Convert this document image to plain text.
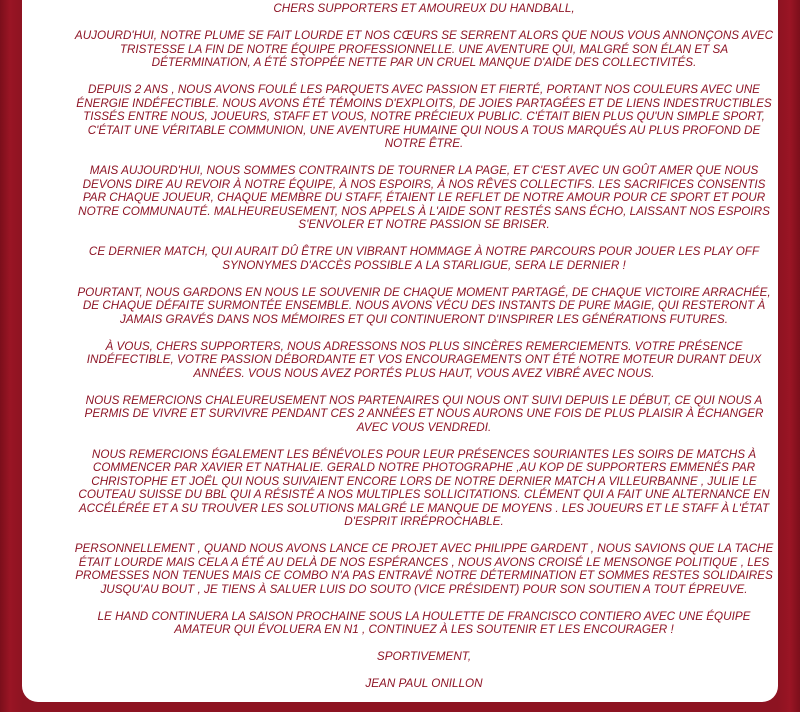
CHERS SUPPORTERS ET AMOUREUX DU HANDBALL,

AUJOURD'HUI, NOTRE PLUME SE FAIT LOURDE ET NOS CŒURS SE SERRENT ALORS QUE NOUS VOUS ANNONÇONS AVEC TRISTESSE LA FIN DE NOTRE ÉQUIPE PROFESSIONNELLE. UNE AVENTURE QUI, MALGRÉ SON ÉLAN ET SA DÉTERMINATION, A ÉTÉ STOPPÉE NETTE PAR UN CRUEL MANQUE D'AIDE DES COLLECTIVITÉS.

DEPUIS 2 ANS , NOUS AVONS FOULÉ LES PARQUETS AVEC PASSION ET FIERTÉ, PORTANT NOS COULEURS AVEC UNE ÉNERGIE INDÉFECTIBLE. NOUS AVONS ÉTÉ TÉMOINS D'EXPLOITS, DE JOIES PARTAGÉES ET DE LIENS INDESTRUCTIBLES TISSÉS ENTRE NOUS, JOUEURS, STAFF ET VOUS, NOTRE PRÉCIEUX PUBLIC. C'ÉTAIT BIEN PLUS QU'UN SIMPLE SPORT, C'ÉTAIT UNE VÉRITABLE COMMUNION, UNE AVENTURE HUMAINE QUI NOUS A TOUS MARQUÉS AU PLUS PROFOND DE NOTRE ÊTRE.

MAIS AUJOURD'HUI, NOUS SOMMES CONTRAINTS DE TOURNER LA PAGE, ET C'EST AVEC UN GOÛT AMER QUE NOUS DEVONS DIRE AU REVOIR À NOTRE ÉQUIPE, À NOS ESPOIRS, À NOS RÊVES COLLECTIFS. LES SACRIFICES CONSENTIS PAR CHAQUE JOUEUR, CHAQUE MEMBRE DU STAFF, ÉTAIENT LE REFLET DE NOTRE AMOUR POUR CE SPORT ET POUR NOTRE COMMUNAUTÉ. MALHEUREUSEMENT, NOS APPELS À L'AIDE SONT RESTÉS SANS ÉCHO, LAISSANT NOS ESPOIRS S'ENVOLER ET NOTRE PASSION SE BRISER.

CE DERNIER MATCH, QUI AURAIT DÛ ÊTRE UN VIBRANT HOMMAGE À NOTRE PARCOURS POUR JOUER LES PLAY OFF SYNONYMES D'ACCÈS POSSIBLE A LA STARLIGUE, SERA LE DERNIER !

POURTANT, NOUS GARDONS EN NOUS LE SOUVENIR DE CHAQUE MOMENT PARTAGÉ, DE CHAQUE VICTOIRE ARRACHÉE, DE CHAQUE DÉFAITE SURMONTÉE ENSEMBLE. NOUS AVONS VÉCU DES INSTANTS DE PURE MAGIE, QUI RESTERONT À JAMAIS GRAVÉS DANS NOS MÉMOIRES ET QUI CONTINUERONT D'INSPIRER LES GÉNÉRATIONS FUTURES.

À VOUS, CHERS SUPPORTERS, NOUS ADRESSONS NOS PLUS SINCÈRES REMERCIEMENTS. VOTRE PRÉSENCE INDÉFECTIBLE, VOTRE PASSION DÉBORDANTE ET VOS ENCOURAGEMENTS ONT ÉTÉ NOTRE MOTEUR DURANT DEUX ANNÉES. VOUS NOUS AVEZ PORTÉS PLUS HAUT, VOUS AVEZ VIBRÉ AVEC NOUS.

NOUS REMERCIONS CHALEUREUSEMENT NOS PARTENAIRES QUI NOUS ONT SUIVI DEPUIS LE DÉBUT, CE QUI NOUS A PERMIS DE VIVRE ET SURVIVRE PENDANT CES 2 ANNÉES ET NOUS AURONS UNE FOIS DE PLUS PLAISIR À ÉCHANGER AVEC VOUS VENDREDI.

NOUS REMERCIONS ÉGALEMENT LES BÉNÉVOLES POUR LEUR PRÉSENCES SOURIANTES LES SOIRS DE MATCHS À COMMENCER PAR XAVIER ET NATHALIE. GERALD NOTRE PHOTOGRAPHE ,AU KOP DE SUPPORTERS EMMENÉS PAR CHRISTOPHE ET JOËL QUI NOUS SUIVAIENT ENCORE LORS DE NOTRE DERNIER MATCH A VILLEURBANNE , JULIE LE COUTEAU SUISSE DU BBL QUI A RÉSISTÉ A NOS MULTIPLES SOLLICITATIONS. CLÉMENT QUI A FAIT UNE ALTERNANCE EN ACCÉLÉRÉE ET A SU TROUVER LES SOLUTIONS MALGRÉ LE MANQUE DE MOYENS . LES JOUEURS ET LE STAFF À L'ÉTAT D'ESPRIT IRRÉPROCHABLE.

PERSONNELLEMENT , QUAND NOUS AVONS LANCE CE PROJET AVEC PHILIPPE GARDENT , NOUS SAVIONS QUE LA TACHE ÉTAIT LOURDE MAIS CELA A ÉTÉ AU DELÀ DE NOS ESPÉRANCES , NOUS AVONS CROISÉ LE MENSONGE POLITIQUE , LES PROMESSES NON TENUES MAIS CE COMBO N'A PAS ENTRAVÉ NOTRE DÉTERMINATION ET SOMMES RESTES SOLIDAIRES JUSQU'AU BOUT , JE TIENS À SALUER LUIS DO SOUTO (VICE PRÉSIDENT) POUR SON SOUTIEN A TOUT ÉPREUVE.

LE HAND CONTINUERA LA SAISON PROCHAINE SOUS LA HOULETTE DE FRANCISCO CONTIERO AVEC UNE ÉQUIPE AMATEUR QUI ÉVOLUERA EN N1 , CONTINUEZ À LES SOUTENIR ET LES ENCOURAGER !

SPORTIVEMENT,

JEAN PAUL ONILLON
